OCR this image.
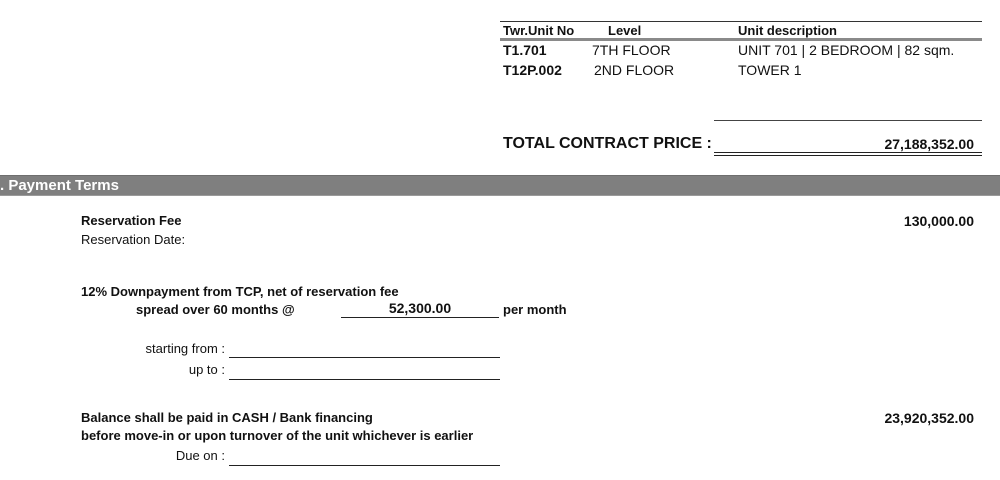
Twr.Unit No	Level	Unit description
T1.701	7TH FLOOR	UNIT 701 | 2 BEDROOM | 82 sqm.
T12P.002 2ND FLOOR	TOWER 1
TOTAL CONTRACT PRICE :	27,188,352.00
. Payment Terms
Reservation Fee	130,000.00
Reservation Date:
12% Downpayment from TCP, net of reservation fee
spread over 60 months @	52,300.00	per month
starting from :
up to :
Balance shall be paid in CASH / Bank financing	23,920,352.00
before move-in or upon turnover of the unit whichever is earlier
Due on :
